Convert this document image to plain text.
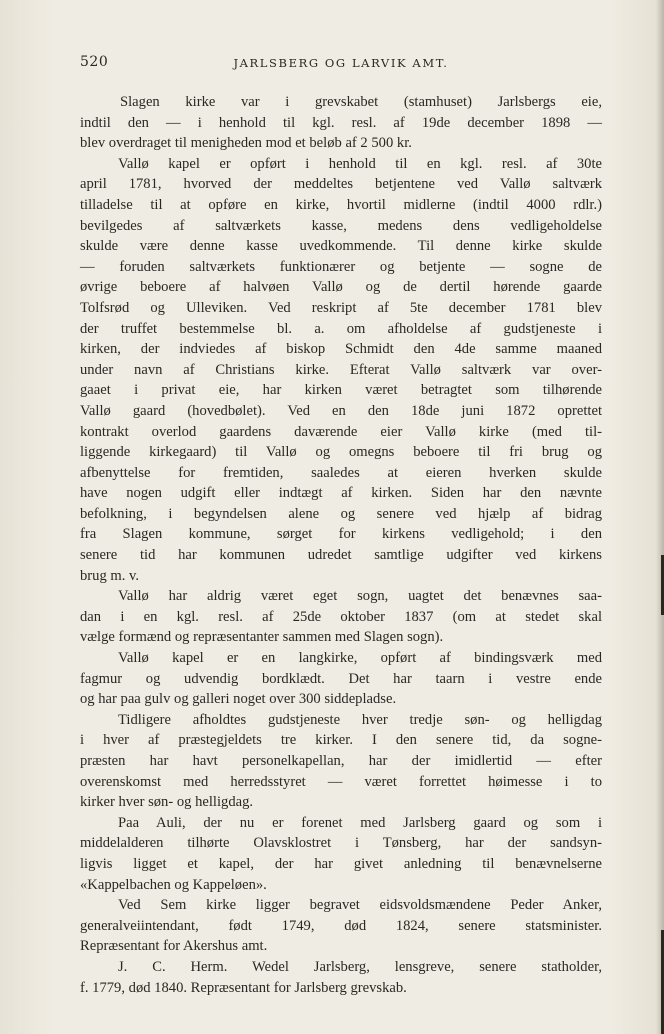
520	JARLSBERG OG LARVIK AMT.
Slagen kirke var i grevskabet (stamhuset) Jarlsbergs eie,
indtil den — i henhold til kgl. resl. af 19de december 1898 —
blev overdraget til menigheden mod et beløb af 2 500 kr.
Vallø kapel er opført i henhold til en kgl. resl. af 30te
april 1781, hvorved der meddeltes betjentene ved Vallø saltværk
tilladelse til at opføre en kirke, hvortil midlerne (indtil 4000 rdlr.)
bevilgedes af saltværkets kasse, medens dens vedligeholdelse
skulde være denne kasse uvedkommende. Til denne kirke skulde
— foruden saltværkets funktionærer og betjente — sogne de
øvrige beboere af halvøen Vallø og de dertil hørende gaarde
Tolfsrød og Ulleviken. Ved reskript af 5te december 1781 blev
der truffet bestemmelse bl. a. om afholdelse af gudstjeneste i
kirken, der indviedes af biskop Schmidt den 4de samme maaned
under navn af Christians kirke. Efterat Vallø saltværk var over-
gaaet i privat eie, har kirken været betragtet som tilhørende
Vallø gaard (hovedbølet). Ved en den 18de juni 1872 oprettet
kontrakt overlod gaardens daværende eier Vallø kirke (med til-
liggende kirkegaard) til Vallø og omegns beboere til fri brug og
afbenyttelse for fremtiden, saaledes at eieren hverken skulde
have nogen udgift eller indtægt af kirken. Siden har den nævnte
befolkning, i begyndelsen alene og senere ved hjælp af bidrag
fra Slagen kommune, sørget for kirkens vedligehold; i den
senere tid har kommunen udredet samtlige udgifter ved kirkens
brug m. v.
Vallø har aldrig været eget sogn, uagtet det benævnes saa-
dan i en kgl. resl. af 25de oktober 1837 (om at stedet skal
vælge formænd og repræsentanter sammen med Slagen sogn).
Vallø kapel er en langkirke, opført af bindingsværk med
fagmur og udvendig bordklædt. Det har taarn i vestre ende
og har paa gulv og galleri noget over 300 siddepladse.
Tidligere afholdtes gudstjeneste hver tredje søn- og helligdag
i hver af præstegjeldets tre kirker. I den senere tid, da sogne-
præsten har havt personelkapellan, har der imidlertid — efter
overenskomst med herredsstyret — været forrettet høimesse i to
kirker hver søn- og helligdag.
Paa Auli, der nu er forenet med Jarlsberg gaard og som i
middelalderen tilhørte Olavsklostret i Tønsberg, har der sandsyn-
ligvis ligget et kapel, der har givet anledning til benævnelserne
«Kappelbachen og Kappeløen».
Ved Sem kirke ligger begravet eidsvoldsmændene Peder Anker,
generalveiintendant, født 1749, død 1824, senere statsminister.
Repræsentant for Akershus amt.
J. C. Herm. Wedel Jarlsberg, lensgreve, senere statholder,
f. 1779, død 1840. Repræsentant for Jarlsberg grevskab.
